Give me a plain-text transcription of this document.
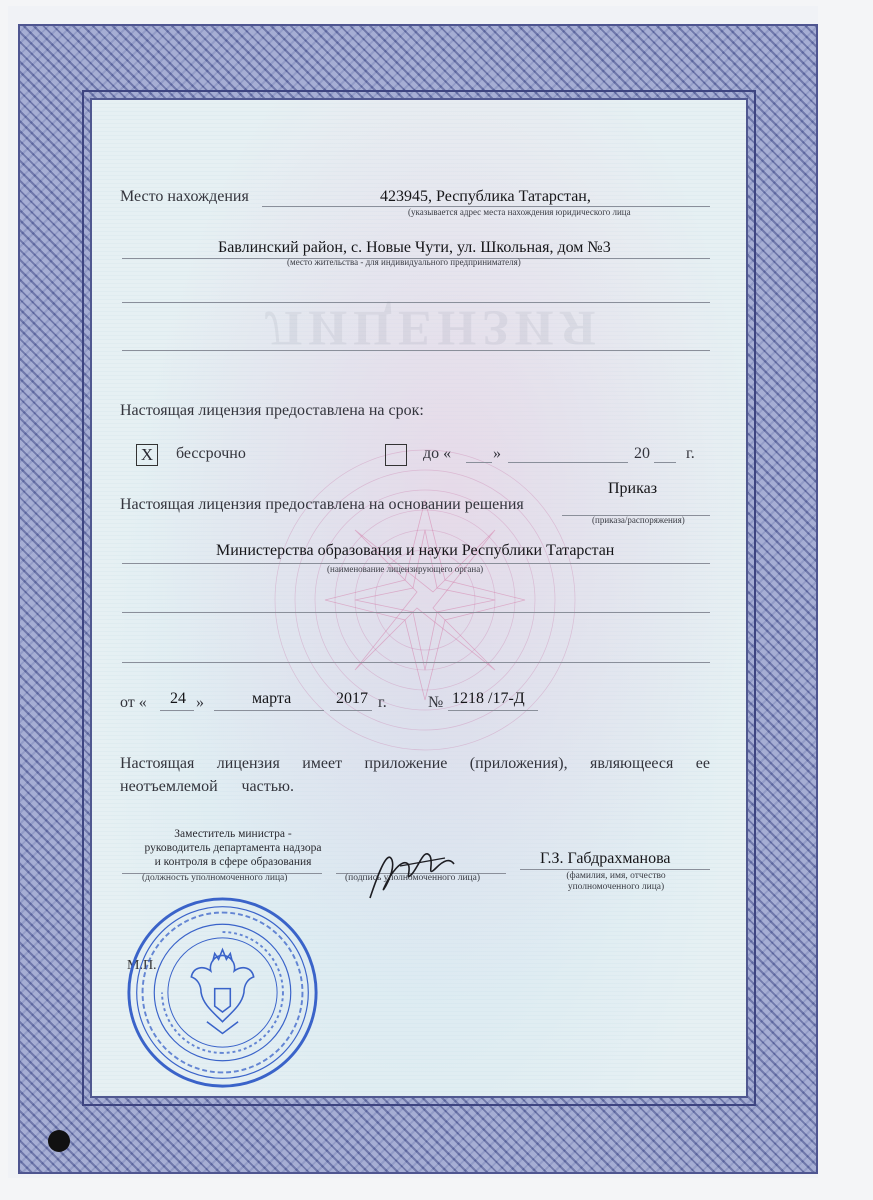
ЛИЦЕНЗИЯ
Место нахождения	423945, Республика Татарстан,
(указывается адрес места нахождения юридического лица
Бавлинский район, с. Новые Чути, ул. Школьная, дом №3
(место жительства - для индивидуального предпринимателя)
Настоящая лицензия предоставлена на срок:
X	бессрочно	до «	»	20 г.
Настоящая лицензия предоставлена на основании решения
Приказ
(приказа/распоряжения)
Министерства образования и науки Республики Татарстан
(наименование лицензирующего органа)
от « 24 »	марта	2017 г.	№ 1218 /17-Д
Настоящая лицензия имеет приложение (приложения), являющееся ее
неотъемлемой частью.
Заместитель министра -
руководитель департамента надзора
и контроля в сфере образования
(должность уполномоченного лица)	(подпись уполномоченного лица)
Г.З. Габдрахманова
(фамилия, имя, отчество
уполномоченного лица)
М.П.
